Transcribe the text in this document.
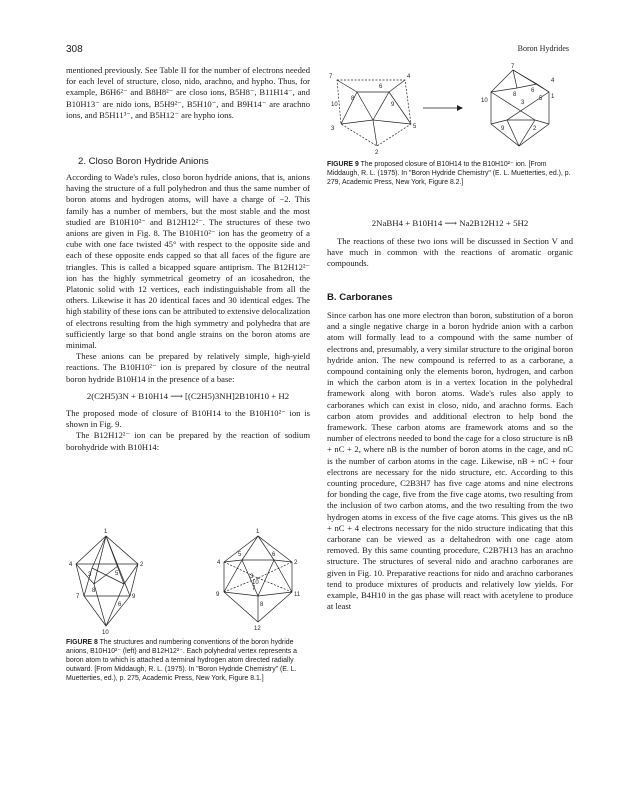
308	Boron Hydrides

mentioned previously. See Table II for the number of electrons needed for each level of structure, closo, nido, arachno, and hypho. Thus, for example, B6H6²⁻ and B8H8²⁻ are closo ions, B5H8⁻, B11H14⁻, and B10H13⁻ are nido ions, B5H9²⁻, B5H10⁻, and B9H14⁻ are arachno ions, and B5H11³⁻, and B5H12⁻ are hypho ions.

2. Closo Boron Hydride Anions

According to Wade's rules, closo boron hydride anions, that is, anions having the structure of a full polyhedron and thus the same number of boron atoms and hydrogen atoms, will have a charge of −2. This family has a number of members, but the most stable and the most studied are B10H10²⁻ and B12H12²⁻. The structures of these two anions are given in Fig. 8. The B10H10²⁻ ion has the geometry of a cube with one face twisted 45° with respect to the opposite side and each of these opposite ends capped so that all faces of the figure are triangles. This is called a bicapped square antiprism. The B12H12²⁻ ion has the highly symmetrical geometry of an icosahedron, the Platonic solid with 12 vertices, each indistinguishable from all the others. Likewise it has 20 identical faces and 30 identical edges. The high stability of these ions can be attributed to extensive delocalization of electrons resulting from the high symmetry and polyhedra that are sufficiently large so that bond angle strains on the boron atoms are minimal.

These anions can be prepared by relatively simple, high-yield reactions. The B10H10²⁻ ion is prepared by closure of the neutral boron hydride B10H14 in the presence of a base:

2(C2H5)3N + B10H14 ⟶ [(C2H5)3NH]2B10H10 + H2

The proposed mode of closure of B10H14 to the B10H10²⁻ ion is shown in Fig. 9.

The B12H12²⁻ ion can be prepared by the reaction of sodium borohydride with B10H14:

1
2
3
4
5
6
7
8
9
10
1
2
3
4
5	6
7
8
9
10
11
12
FIGURE 8 The structures and numbering conventions of the boron hydride anions, B10H10²⁻ (left) and B12H12²⁻. Each polyhedral vertex represents a boron atom to which is attached a terminal hydrogen atom directed radially outward. [From Middaugh, R. L. (1975). In "Boron Hydride Chemistry" (E. L. Muetterties, ed.), p. 275, Academic Press, New York, Figure 8.1.]
7	4
6
8
9
10
3	5
2
7
4
6
8
10	3
5 1
9	2
FIGURE 9 The proposed closure of B10H14 to the B10H10²⁻ ion. [From Middaugh, R. L. (1975). In "Boron Hydride Chemistry" (E. L. Muetterties, ed.), p. 279, Academic Press, New York, Figure 8.2.]
2NaBH4 + B10H14 ⟶ Na2B12H12 + 5H2

The reactions of these two ions will be discussed in Section V and have much in common with the reactions of aromatic organic compounds.

B. Carboranes

Since carbon has one more electron than boron, substitution of a boron and a single negative charge in a boron hydride anion with a carbon atom will formally lead to a compound with the same number of electrons and, presumably, a very similar structure to the original boron hydride anion. The new compound is referred to as a carborane, a compound containing only the elements boron, hydrogen, and carbon in which the carbon atom is in a vertex location in the polyhedral framework along with boron atoms. Wade's rules also apply to carboranes which can exist in closo, nido, and arachno forms. Each carbon atom provides and additional electron to help bond the framework. These carbon atoms are framework atoms and so the number of electrons needed to bond the cage for a closo structure is nB + nC + 2, where nB is the number of boron atoms in the cage, and nC is the number of carbon atoms in the cage. Likewise, nB + nC + four electrons are necessary for the nido structure, etc. According to this counting procedure, C2B3H7 has five cage atoms and nine electrons for bonding the cage, five from the five cage atoms, two resulting from the inclusion of two carbon atoms, and the two resulting from the two hydrogen atoms in excess of the five cage atoms. This gives us the nB + nC + 4 electrons necessary for the nido structure indicating that this carborane can be viewed as a deltahedron with one cage atom removed. By this same counting procedure, C2B7H13 has an arachno structure. The structures of several nido and arachno carboranes are given in Fig. 10. Preparative reactions for nido and arachno carboranes tend to produce mixtures of products and relatively low yields. For example, B4H10 in the gas phase will react with acetylene to produce at least
